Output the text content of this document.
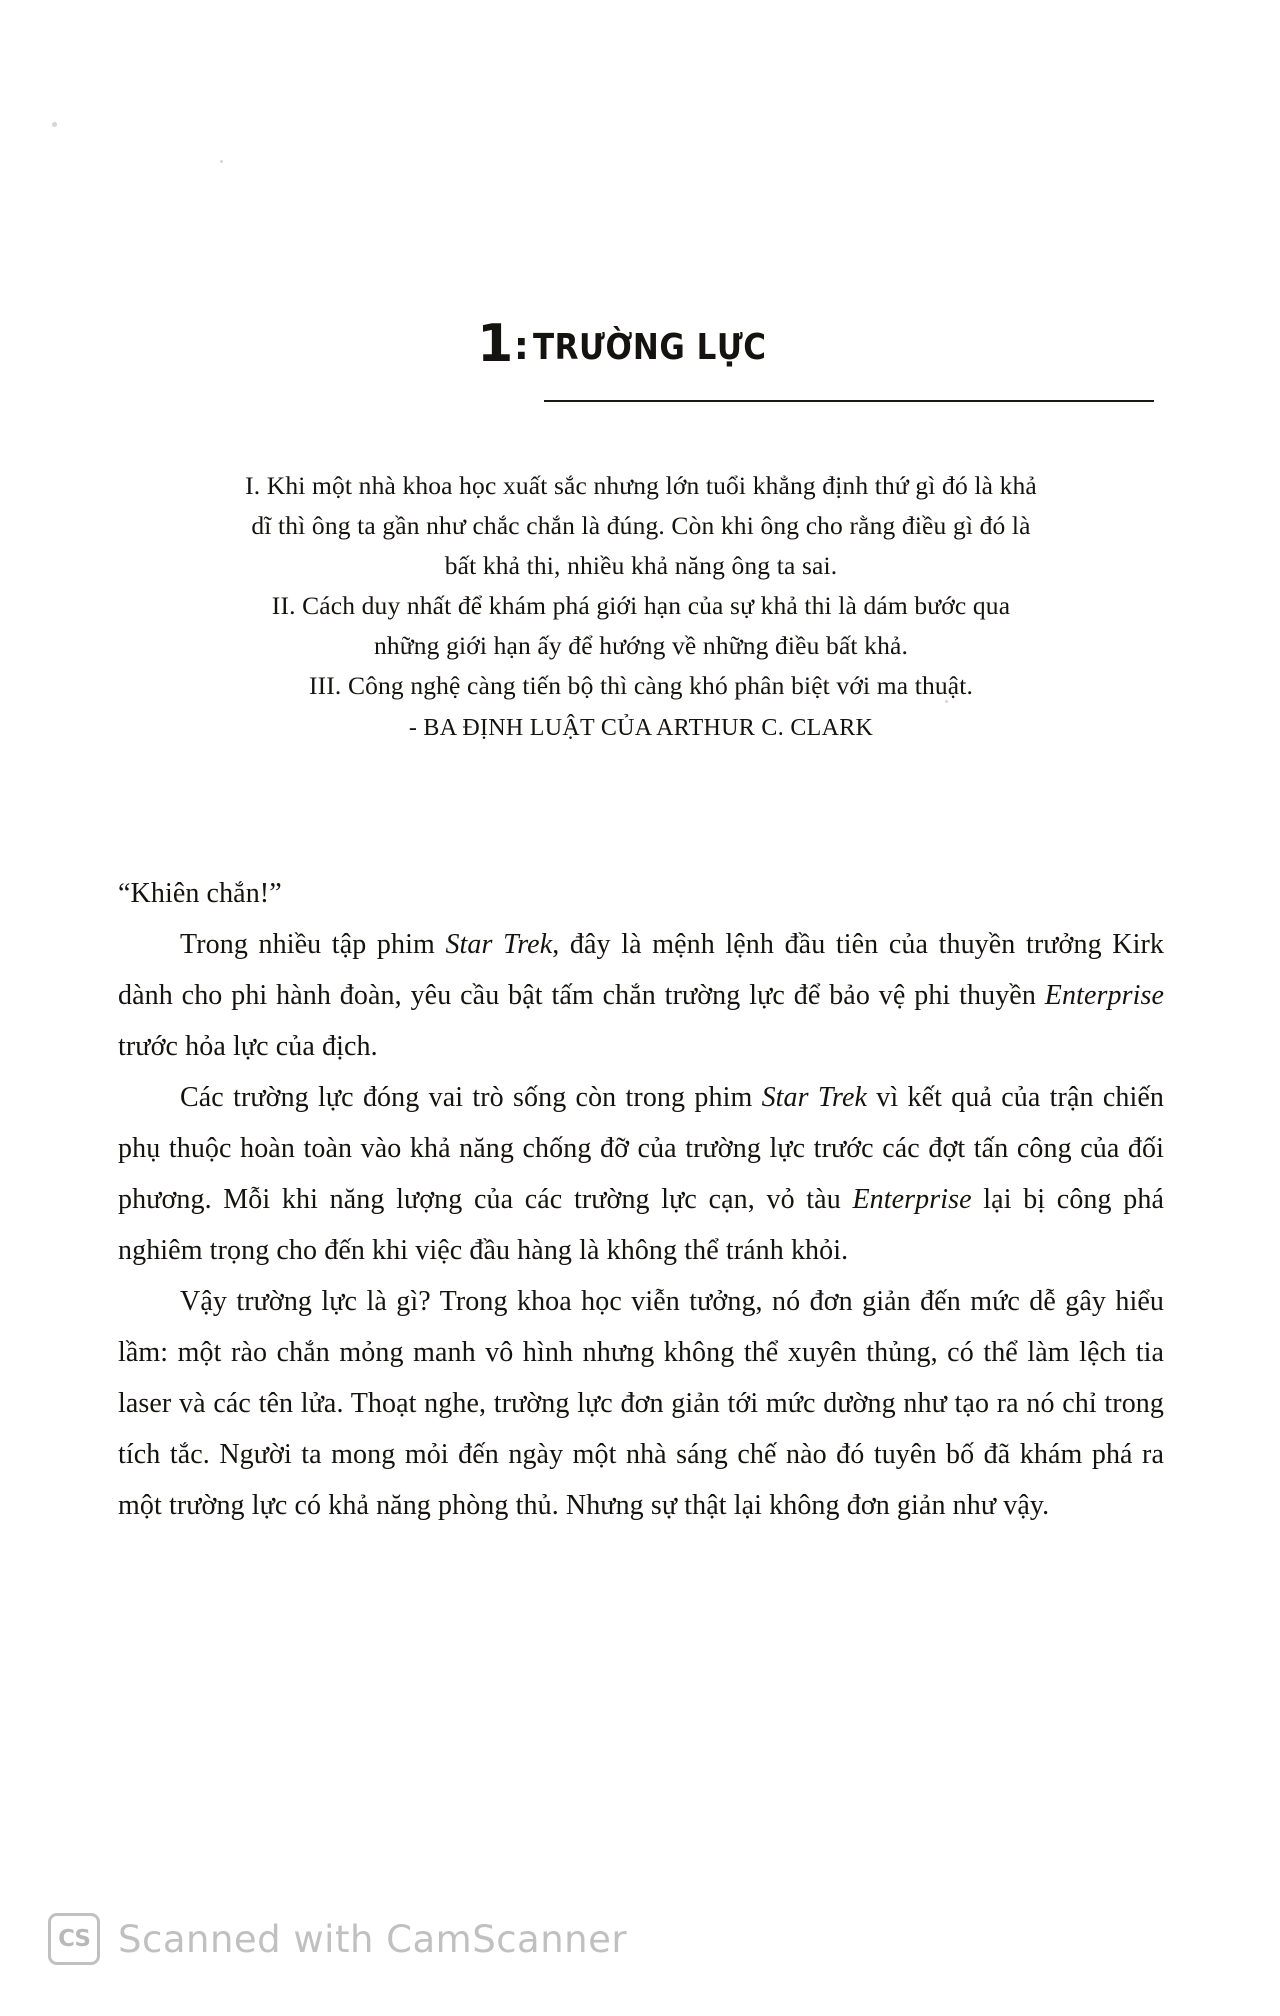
1: TRƯỜNG LỰC
I. Khi một nhà khoa học xuất sắc nhưng lớn tuổi khẳng định thứ gì đó là khả
dĩ thì ông ta gần như chắc chắn là đúng. Còn khi ông cho rằng điều gì đó là
bất khả thi, nhiều khả năng ông ta sai.
II. Cách duy nhất để khám phá giới hạn của sự khả thi là dám bước qua
những giới hạn ấy để hướng về những điều bất khả.
III. Công nghệ càng tiến bộ thì càng khó phân biệt với ma thuật.
- BA ĐỊNH LUẬT CỦA ARTHUR C. CLARK

“Khiên chắn!”

Trong nhiều tập phim Star Trek, đây là mệnh lệnh đầu tiên của thuyền trưởng Kirk dành cho phi hành đoàn, yêu cầu bật tấm chắn trường lực để bảo vệ phi thuyền Enterprise trước hỏa lực của địch.

Các trường lực đóng vai trò sống còn trong phim Star Trek vì kết quả của trận chiến phụ thuộc hoàn toàn vào khả năng chống đỡ của trường lực trước các đợt tấn công của đối phương. Mỗi khi năng lượng của các trường lực cạn, vỏ tàu Enterprise lại bị công phá nghiêm trọng cho đến khi việc đầu hàng là không thể tránh khỏi.

Vậy trường lực là gì? Trong khoa học viễn tưởng, nó đơn giản đến mức dễ gây hiểu lầm: một rào chắn mỏng manh vô hình nhưng không thể xuyên thủng, có thể làm lệch tia laser và các tên lửa. Thoạt nghe, trường lực đơn giản tới mức dường như tạo ra nó chỉ trong tích tắc. Người ta mong mỏi đến ngày một nhà sáng chế nào đó tuyên bố đã khám phá ra một trường lực có khả năng phòng thủ. Nhưng sự thật lại không đơn giản như vậy.

CS Scanned with CamScanner
